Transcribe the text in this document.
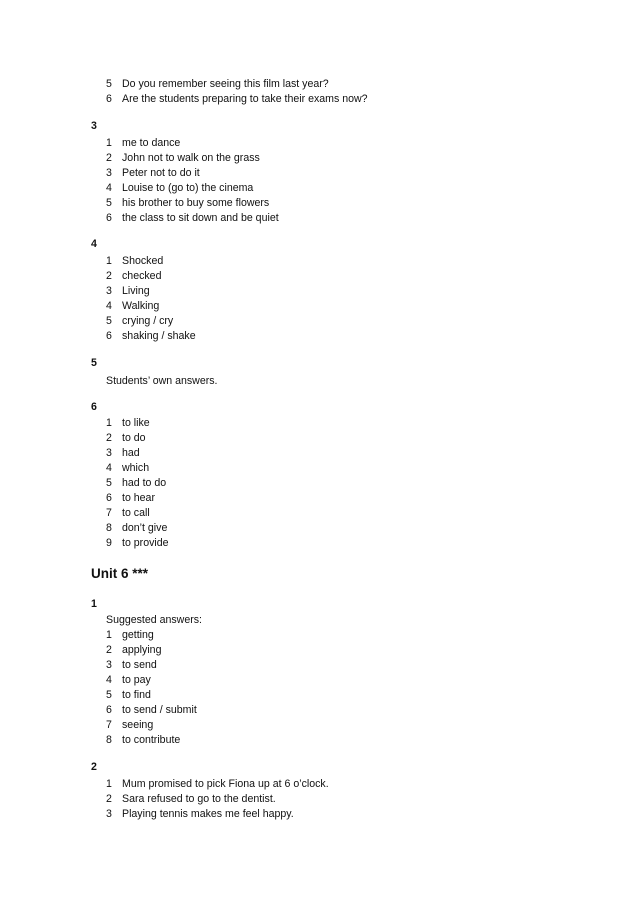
5 Do you remember seeing this film last year?
6 Are the students preparing to take their exams now?
3
1 me to dance
2 John not to walk on the grass
3 Peter not to do it
4 Louise to (go to) the cinema
5 his brother to buy some flowers
6 the class to sit down and be quiet
4
1 Shocked
2 checked
3 Living
4 Walking
5 crying / cry
6 shaking / shake
5
Students’ own answers.
6
1 to like
2 to do
3 had
4 which
5 had to do
6 to hear
7 to call
8 don’t give
9 to provide
Unit 6 ***
1
Suggested answers:
1 getting
2 applying
3 to send
4 to pay
5 to find
6 to send / submit
7 seeing
8 to contribute
2
1 Mum promised to pick Fiona up at 6 o’clock.
2 Sara refused to go to the dentist.
3 Playing tennis makes me feel happy.
